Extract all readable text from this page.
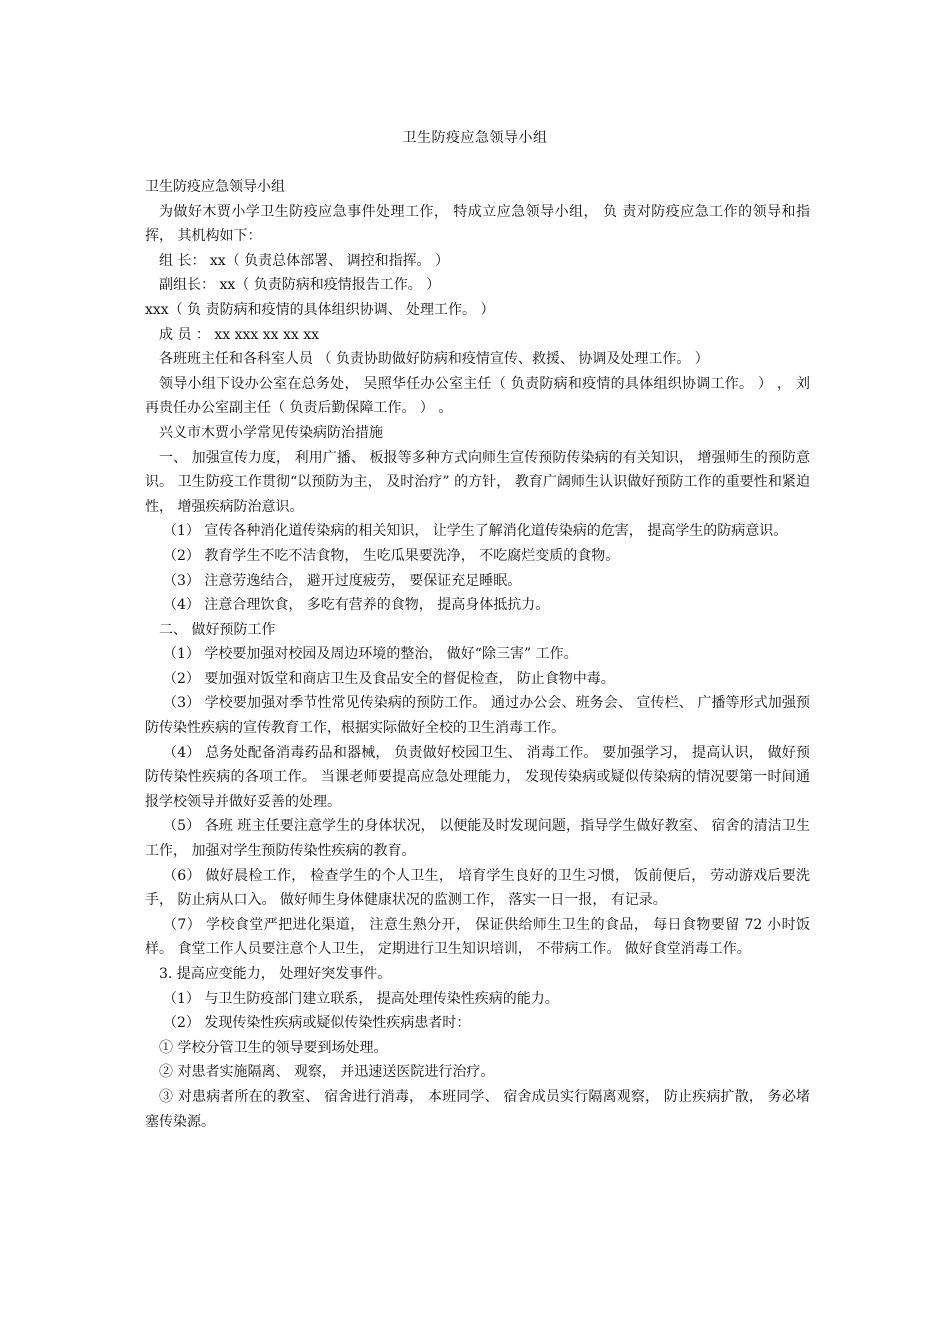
卫生防疫应急领导小组

卫生防疫应急领导小组

为做好木贾小学卫生防疫应急事件处理工作， 特成立应急领导小组， 负 责对防疫应急工作的领导和指挥， 其机构如下：

组 长： xx（ 负责总体部署、 调控和指挥。 ）

副组长： xx（ 负责防病和疫情报告工作。 ）

xxx（ 负 责防病和疫情的具体组织协调、 处理工作。 ）

成 员 ： xx xxx xx xx xx

各班班主任和各科室人员 （ 负责协助做好防病和疫情宣传、救援、 协调及处理工作。 ）

领导小组下设办公室在总务处， 吴照华任办公室主任（ 负责防病和疫情的具体组织协调工作。 ） ， 刘再贵任办公室副主任（ 负责后勤保障工作。 ） 。

兴义市木贾小学常见传染病防治措施

一、 加强宣传力度， 利用广播、 板报等多种方式向师生宣传预防传染病的有关知识， 增强师生的预防意识。 卫生防疫工作贯彻“以预防为主， 及时治疗” 的方针， 教育广阔师生认识做好预防工作的重要性和紧迫性， 增强疾病防治意识。

（1） 宣传各种消化道传染病的相关知识， 让学生了解消化道传染病的危害， 提高学生的防病意识。

（2） 教育学生不吃不洁食物， 生吃瓜果要洗净， 不吃腐烂变质的食物。

（3） 注意劳逸结合， 避开过度疲劳， 要保证充足睡眠。

（4） 注意合理饮食， 多吃有营养的食物， 提高身体抵抗力。

二、 做好预防工作

（1） 学校要加强对校园及周边环境的整治， 做好“除三害” 工作。

（2） 要加强对饭堂和商店卫生及食品安全的督促检查， 防止食物中毒。

（3） 学校要加强对季节性常见传染病的预防工作。 通过办公会、班务会、 宣传栏、 广播等形式加强预防传染性疾病的宣传教育工作，根据实际做好全校的卫生消毒工作。

（4） 总务处配备消毒药品和器械， 负责做好校园卫生、 消毒工作。 要加强学习， 提高认识， 做好预防传染性疾病的各项工作。 当课老师要提高应急处理能力， 发现传染病或疑似传染病的情况要第一时间通报学校领导并做好妥善的处理。

（5） 各班 班主任要注意学生的身体状况， 以便能及时发现问题，指导学生做好教室、 宿舍的清洁卫生工作， 加强对学生预防传染性疾病的教育。

（6） 做好晨检工作， 检查学生的个人卫生， 培育学生良好的卫生习惯， 饭前便后， 劳动游戏后要洗手， 防止病从口入。 做好师生身体健康状况的监测工作， 落实一日一报， 有记录。

（7） 学校食堂严把进化渠道， 注意生熟分开， 保证供给师生卫生的食品， 每日食物要留 72 小时饭样。 食堂工作人员要注意个人卫生， 定期进行卫生知识培训， 不带病工作。 做好食堂消毒工作。

3. 提高应变能力， 处理好突发事件。

（1） 与卫生防疫部门建立联系， 提高处理传染性疾病的能力。

（2） 发现传染性疾病或疑似传染性疾病患者时：

① 学校分管卫生的领导要到场处理。

② 对患者实施隔离、 观察， 并迅速送医院进行治疗。

③ 对患病者所在的教室、 宿舍进行消毒， 本班同学、 宿舍成员实行隔离观察， 防止疾病扩散， 务必堵塞传染源。
